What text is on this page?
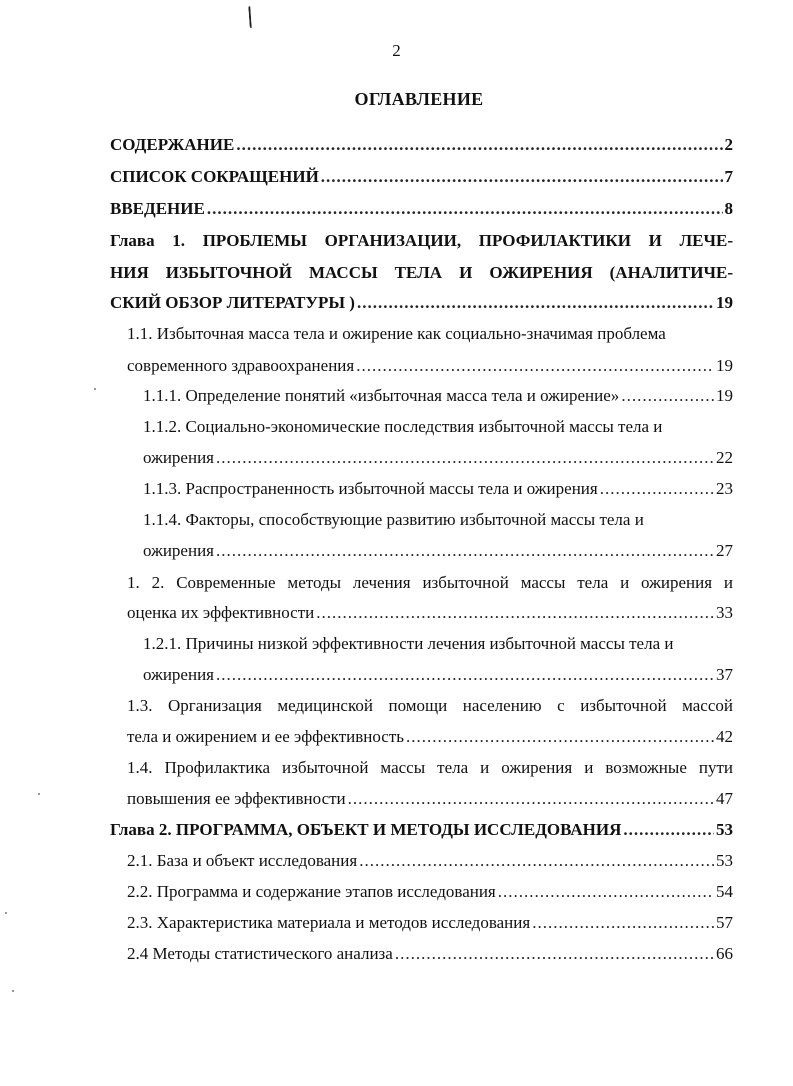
2
ОГЛАВЛЕНИЕ
СОДЕРЖАНИЕ .....	2
СПИСОК СОКРАЩЕНИЙ .....	7
ВВЕДЕНИЕ .....	8
Глава 1. ПРОБЛЕМЫ ОРГАНИЗАЦИИ, ПРОФИЛАКТИКИ И ЛЕЧЕ-
НИЯ ИЗБЫТОЧНОЙ МАССЫ ТЕЛА И ОЖИРЕНИЯ (АНАЛИТИЧЕ-
СКИЙ ОБЗОР ЛИТЕРАТУРЫ ) .....	19
1.1. Избыточная масса тела и ожирение как социально-значимая проблема
современного здравоохранения .....	19
1.1.1. Определение понятий «избыточная масса тела и ожирение» .....	19
1.1.2. Социально-экономические последствия избыточной массы тела и
ожирения .....	22
1.1.3. Распространенность избыточной массы тела и ожирения .....	23
1.1.4. Факторы, способствующие развитию избыточной массы тела и
ожирения .....	27
1. 2. Современные методы лечения избыточной массы тела и ожирения и
оценка их эффективности .....	33
1.2.1. Причины низкой эффективности лечения избыточной массы тела и
ожирения .....	37
1.3. Организация медицинской помощи населению с избыточной массой
тела и ожирением и ее эффективность .....	42
1.4. Профилактика избыточной массы тела и ожирения и возможные пути
повышения ее эффективности .....	47
Глава 2. ПРОГРАММА, ОБЪЕКТ И МЕТОДЫ ИССЛЕДОВАНИЯ .....	53
2.1. База и объект исследования .....	53
2.2. Программа и содержание этапов исследования .....	54
2.3. Характеристика материала и методов исследования .....	57
2.4 Методы статистического анализа .....	66
